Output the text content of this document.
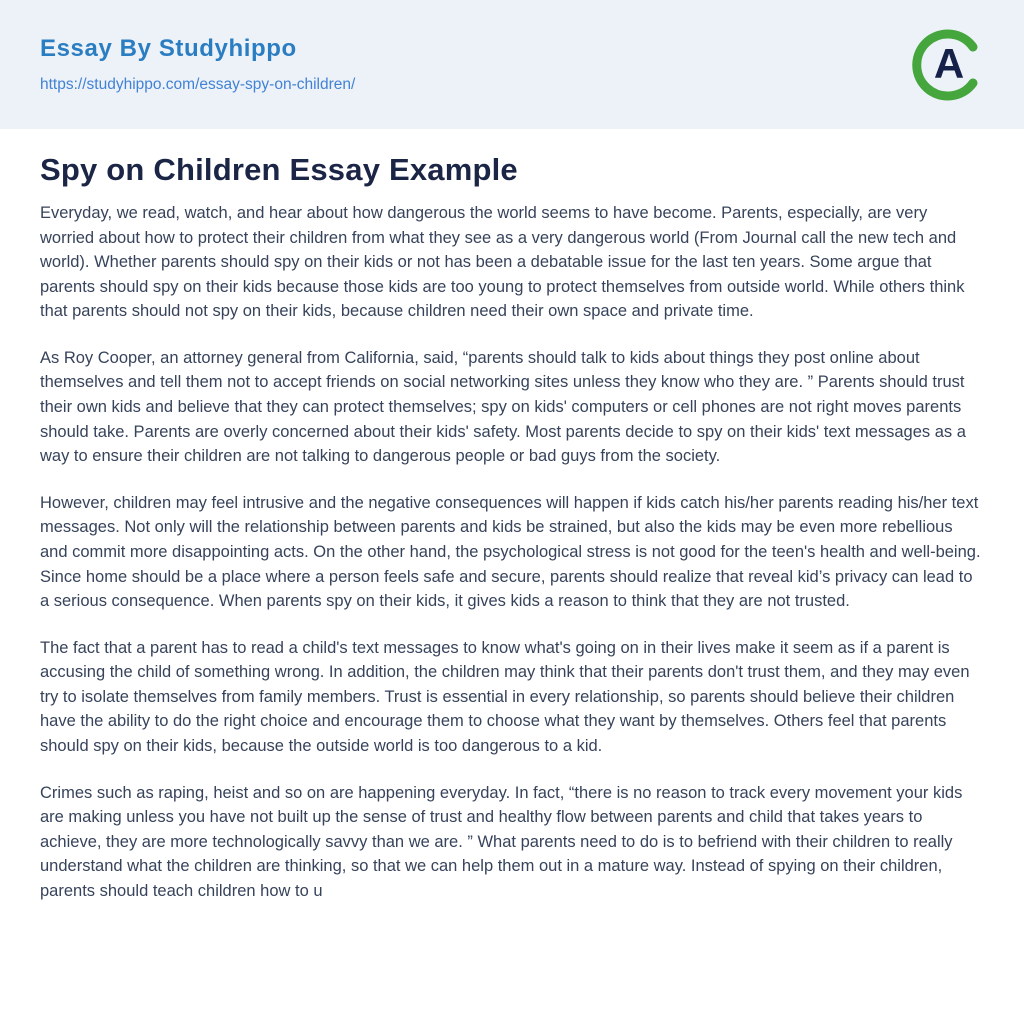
Essay By Studyhippo
https://studyhippo.com/essay-spy-on-children/	A
Spy on Children Essay Example

Everyday, we read, watch, and hear about how dangerous the world seems to have become. Parents, especially, are very worried about how to protect their children from what they see as a very dangerous world (From Journal call the new tech and world). Whether parents should spy on their kids or not has been a debatable issue for the last ten years. Some argue that parents should spy on their kids because those kids are too young to protect themselves from outside world. While others think that parents should not spy on their kids, because children need their own space and private time.

As Roy Cooper, an attorney general from California, said, “parents should talk to kids about things they post online about themselves and tell them not to accept friends on social networking sites unless they know who they are. ” Parents should trust their own kids and believe that they can protect themselves; spy on kids' computers or cell phones are not right moves parents should take. Parents are overly concerned about their kids' safety. Most parents decide to spy on their kids' text messages as a way to ensure their children are not talking to dangerous people or bad guys from the society.

However, children may feel intrusive and the negative consequences will happen if kids catch his/her parents reading his/her text messages. Not only will the relationship between parents and kids be strained, but also the kids may be even more rebellious and commit more disappointing acts. On the other hand, the psychological stress is not good for the teen's health and well-being. Since home should be a place where a person feels safe and secure, parents should realize that reveal kid’s privacy can lead to a serious consequence. When parents spy on their kids, it gives kids a reason to think that they are not trusted.

The fact that a parent has to read a child's text messages to know what's going on in their lives make it seem as if a parent is accusing the child of something wrong. In addition, the children may think that their parents don't trust them, and they may even try to isolate themselves from family members. Trust is essential in every relationship, so parents should believe their children have the ability to do the right choice and encourage them to choose what they want by themselves. Others feel that parents should spy on their kids, because the outside world is too dangerous to a kid.

Crimes such as raping, heist and so on are happening everyday. In fact, “there is no reason to track every movement your kids are making unless you have not built up the sense of trust and healthy flow between parents and child that takes years to achieve, they are more technologically savvy than we are. ” What parents need to do is to befriend with their children to really understand what the children are thinking, so that we can help them out in a mature way. Instead of spying on their children, parents should teach children how to u
